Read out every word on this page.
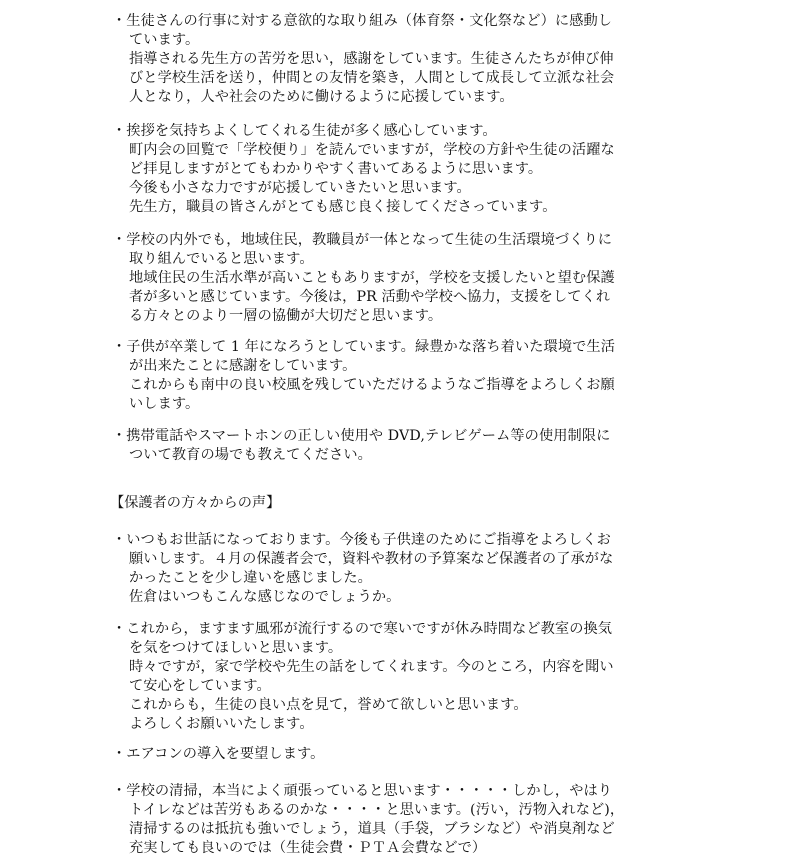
・生徒さんの行事に対する意欲的な取り組み（体育祭・文化祭など）に感動し
ています。
指導される先生方の苦労を思い，感謝をしています。生徒さんたちが伸び伸
びと学校生活を送り，仲間との友情を築き，人間として成長して立派な社会
人となり，人や社会のために働けるように応援しています。
・挨拶を気持ちよくしてくれる生徒が多く感心しています。
町内会の回覧で「学校便り」を読んでいますが，学校の方針や生徒の活躍な
ど拝見しますがとてもわかりやすく書いてあるように思います。
今後も小さな力ですが応援していきたいと思います。
先生方，職員の皆さんがとても感じ良く接してくださっています。
・学校の内外でも，地域住民，教職員が一体となって生徒の生活環境づくりに
取り組んでいると思います。
地域住民の生活水準が高いこともありますが，学校を支援したいと望む保護
者が多いと感じています。今後は，PR 活動や学校へ協力，支援をしてくれ
る方々とのより一層の協働が大切だと思います。
・子供が卒業して 1 年になろうとしています。緑豊かな落ち着いた環境で生活
が出来たことに感謝をしています。
これからも南中の良い校風を残していただけるようなご指導をよろしくお願
いします。
・携帯電話やスマートホンの正しい使用や DVD,テレビゲーム等の使用制限に
ついて教育の場でも教えてください。
【保護者の方々からの声】
・いつもお世話になっております。今後も子供達のためにご指導をよろしくお
願いします。４月の保護者会で，資料や教材の予算案など保護者の了承がな
かったことを少し違いを感じました。
佐倉はいつもこんな感じなのでしょうか。
・これから，ますます風邪が流行するので寒いですが休み時間など教室の換気
を気をつけてほしいと思います。
時々ですが，家で学校や先生の話をしてくれます。今のところ，内容を聞い
て安心をしています。
これからも，生徒の良い点を見て，誉めて欲しいと思います。
よろしくお願いいたします。
・エアコンの導入を要望します。
・学校の清掃，本当によく頑張っていると思います・・・・・しかし，やはり
トイレなどは苦労もあるのかな・・・・と思います。(汚い，汚物入れなど)，
清掃するのは抵抗も強いでしょう，道具（手袋，ブラシなど）や消臭剤など
充実しても良いのでは（生徒会費・ＰＴＡ会費などで）
